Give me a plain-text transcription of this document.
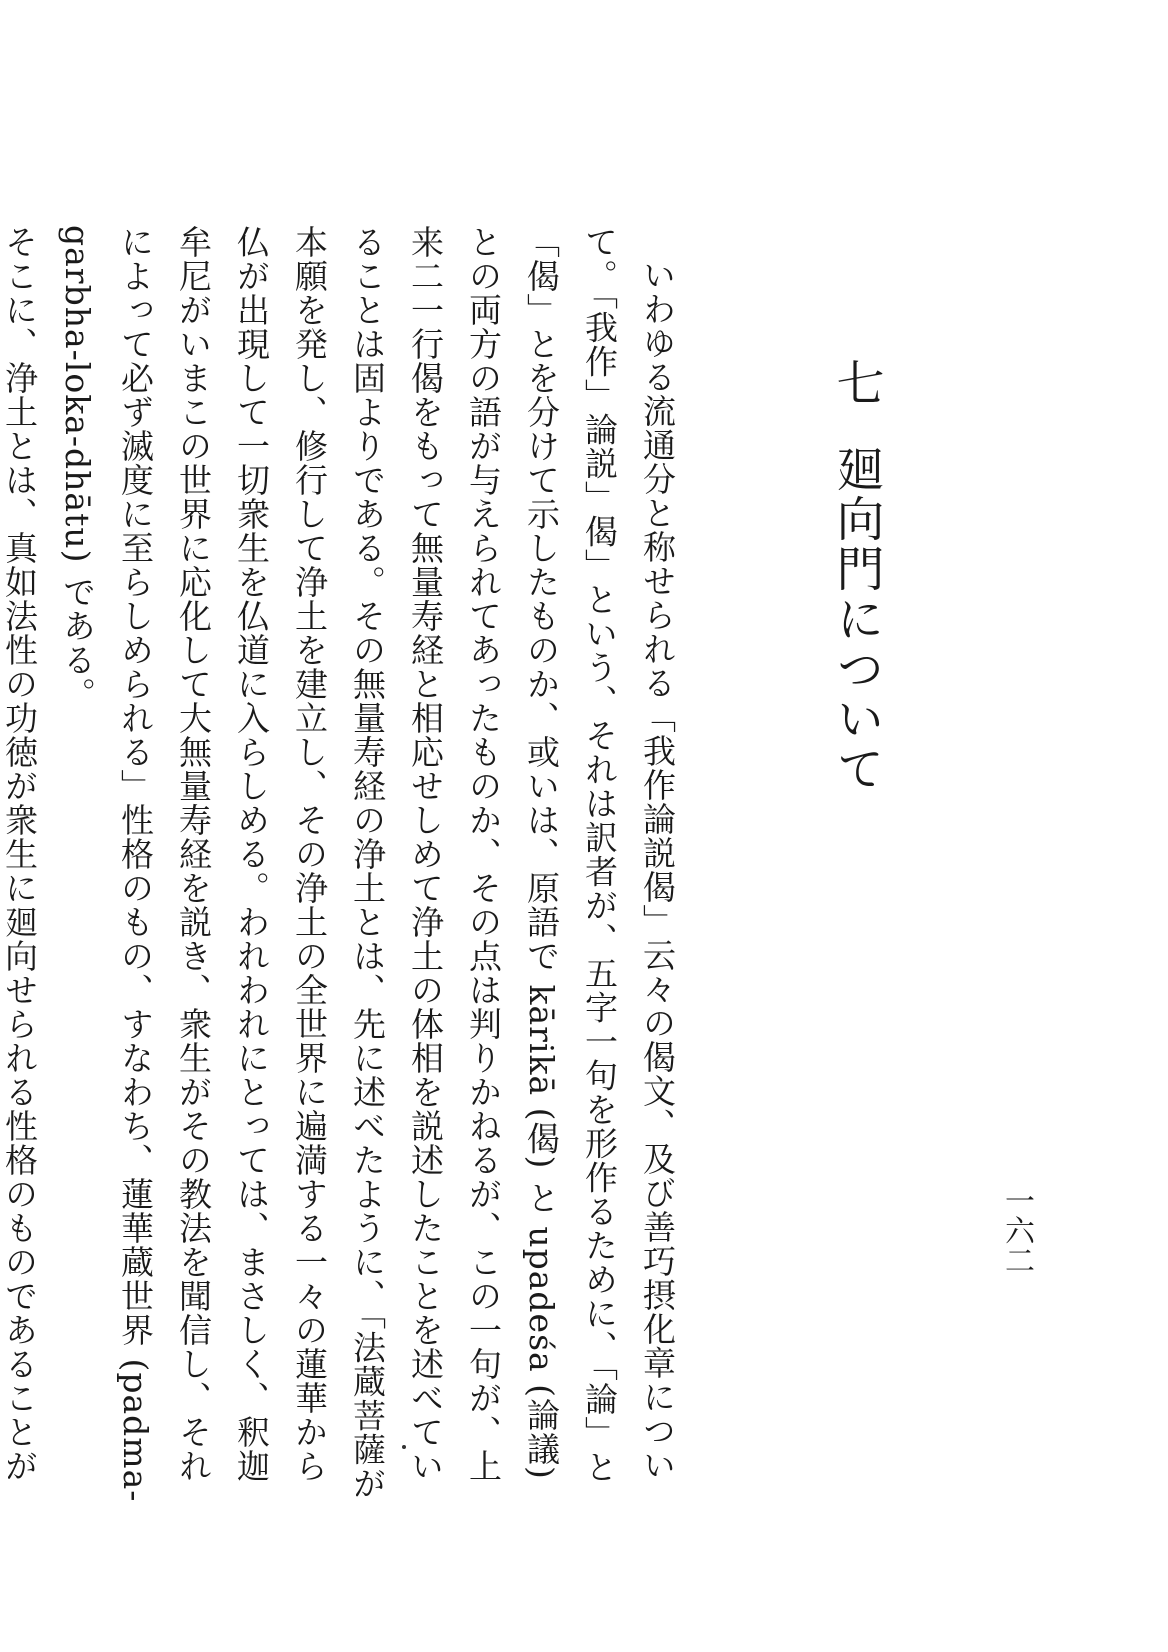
七廻向門について

いわゆる流通分と称せられる「我作論説偈」云々の偈文、及び善巧摂化章について。「我作」論説」偈」という、それは訳者が、五字一句を形作るために、「論」と「偈」とを分けて示したものか、或いは、原語で kārikā (偈) と upadeśa (論議) との両方の語が与えられてあったものか、その点は判りかねるが、この一句が、上来二一行偈をもって無量寿経と相応せしめて浄土の体相を説述したことを述べていることは固よりである。その無量寿経の浄土とは、先に述べたように、「法蔵菩薩が本願を発し、修行して浄土を建立し、その浄土の全世界に遍満する一々の蓮華から仏が出現して一切衆生を仏道に入らしめる。われわれにとっては、まさしく、釈迦牟尼がいまこの世界に応化して大無量寿経を説き、衆生がその教法を聞信し、それによって必ず滅度に至らしめられる」性格のもの、すなわち、蓮華蔵世界 (padma-garbha-loka-dhātu) である。

そこに、浄土とは、真如法性の功徳が衆生に廻向せられる性格のものであることが

一六二
